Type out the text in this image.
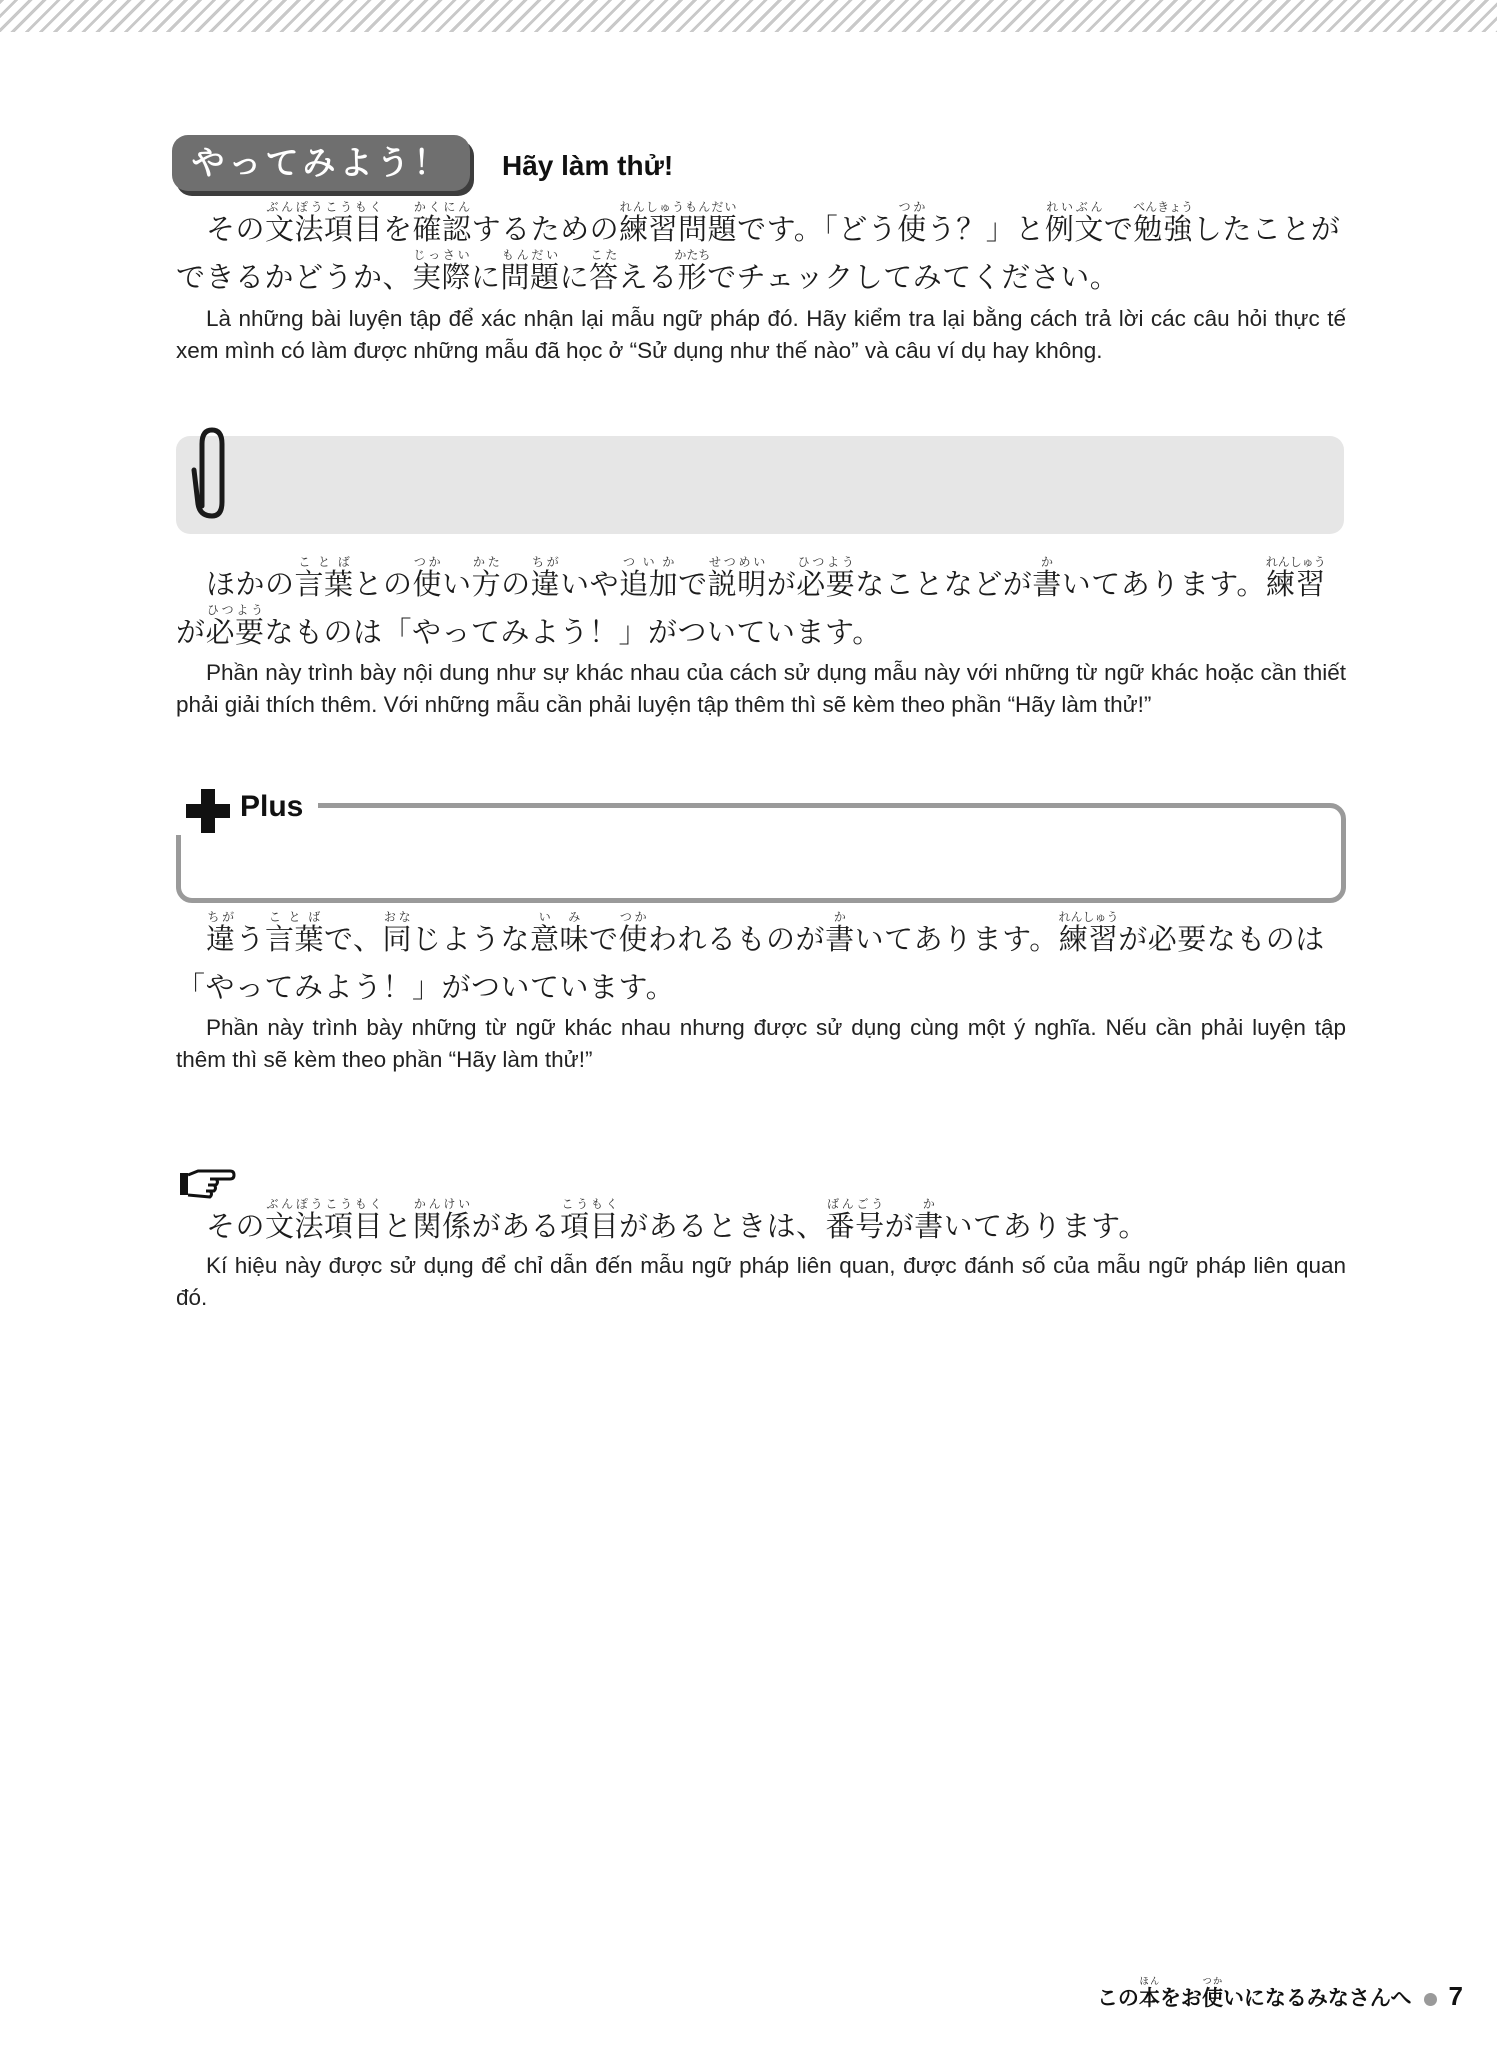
やってみよう！	Hãy làm thử!

その文法項目ぶんぽうこうもくを確認かくにんするための練習問題れんしゅうもんだいです。「どう使つかう？」と例文れいぶんで勉強べんきょうしたことができるかどうか、実際じっさいに問題もんだいに答こたえる形かたちでチェックしてみてください。

Là những bài luyện tập để xác nhận lại mẫu ngữ pháp đó. Hãy kiểm tra lại bằng cách trả lời các câu hỏi thực tế xem mình có làm được những mẫu đã học ở “Sử dụng như thế nào” và câu ví dụ hay không.

ほかの言葉ことばとの使つかい方かたの違ちがいや追加ついかで説明せつめいが必要ひつようなことなどが書かいてあります。練習れんしゅうが必要ひつようなものは「やってみよう！」がついています。

Phần này trình bày nội dung như sự khác nhau của cách sử dụng mẫu này với những từ ngữ khác hoặc cần thiết phải giải thích thêm. Với những mẫu cần phải luyện tập thêm thì sẽ kèm theo phần “Hãy làm thử!”

Plus

違ちがう言葉ことばで、同おなじような意味いみで使つかわれるものが書かいてあります。練習れんしゅうが必要なものは「やってみよう！」がついています。

Phần này trình bày những từ ngữ khác nhau nhưng được sử dụng cùng một ý nghĩa. Nếu cần phải luyện tập thêm thì sẽ kèm theo phần “Hãy làm thử!”

その文法項目ぶんぽうこうもくと関係かんけいがある項目こうもくがあるときは、番号ばんごうが書かいてあります。

Kí hiệu này được sử dụng để chỉ dẫn đến mẫu ngữ pháp liên quan, được đánh số của mẫu ngữ pháp liên quan đó.

この本ほんをお使つかいになるみなさんへ 7
